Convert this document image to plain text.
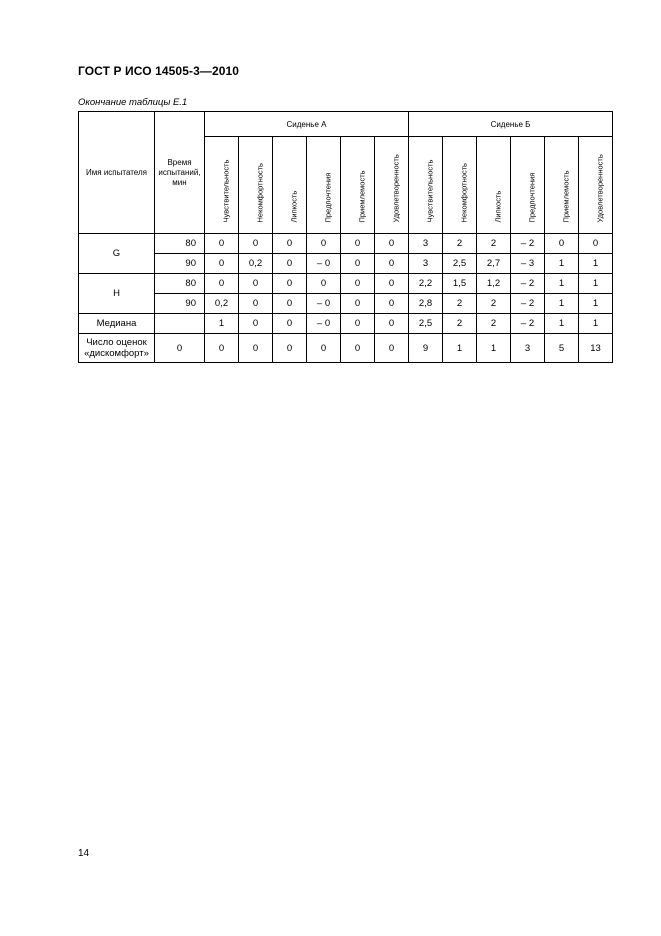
ГОСТ Р ИСО 14505-3—2010
Окончание таблицы Е.1
Имя испытателя	Время испытаний, мин	Сиденье А						Сиденье Б					

		Чувствительность	Некомфортность	Липкость	Предпочтения	Приемлемость	Удовлетворенность	Чувствительность	Некомфортность	Липкость	Предпочтения	Приемлемость	Удовлетворенность

G	80	0	0	0	0	0	0	3	2	2	– 2	0	0
	90	0	0,2	0	– 0	0	0	3	2,5	2,7	– 3	1	1
H	80	0	0	0	0	0	0	2,2	1,5	1,2	– 2	1	1
	90	0,2	0	0	– 0	0	0	2,8	2	2	– 2	1	1
Медиана		1	0	0	– 0	0	0	2,5	2	2	– 2	1	1
Число оценок «дискомфорт»	0	0	0	0	0	0	0	9	1	1	3	5	13
14
